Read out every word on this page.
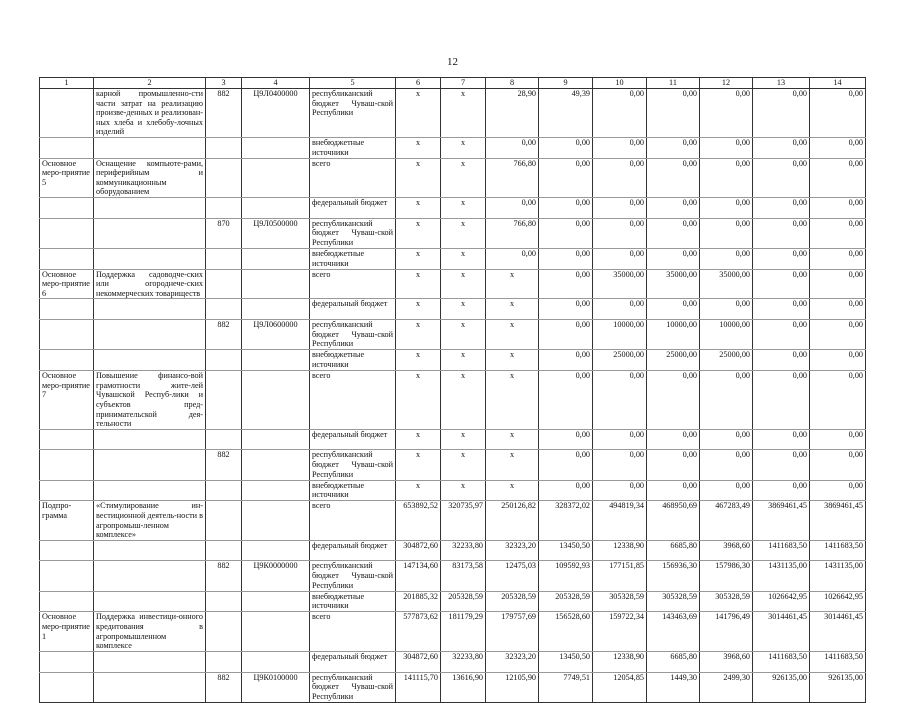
12
1	2	3	4	5	6	7	8	9	10	11	12	13	14
	карной промышленно-сти части затрат на реализацию произве-денных и реализован-ных хлеба и хлебобу-лочных изделий	882	Ц9Л0400000	республиканский бюджет Чуваш-ской Республики	x	x	28,90	49,39	0,00	0,00	0,00	0,00	0,00
				внебюджетные источники	x	x	0,00	0,00	0,00	0,00	0,00	0,00	0,00
Основное меро-приятие 5	Оснащение компьюте-рами, периферийным и коммуникационным оборудованием			всего	x	x	766,80	0,00	0,00	0,00	0,00	0,00	0,00
				федеральный бюджет	x	x	0,00	0,00	0,00	0,00	0,00	0,00	0,00
		870	Ц9Л0500000	республиканский бюджет Чуваш-ской Республики	x	x	766,80	0,00	0,00	0,00	0,00	0,00	0,00
				внебюджетные источники	x	x	0,00	0,00	0,00	0,00	0,00	0,00	0,00
Основное меро-приятие 6	Поддержка садоводче-ских или огороднече-ских некоммерческих товариществ			всего	x	x	x	0,00	35000,00	35000,00	35000,00	0,00	0,00
				федеральный бюджет	x	x	x	0,00	0,00	0,00	0,00	0,00	0,00
		882	Ц9Л0600000	республиканский бюджет Чуваш-ской Республики	x	x	x	0,00	10000,00	10000,00	10000,00	0,00	0,00
				внебюджетные источники	x	x	x	0,00	25000,00	25000,00	25000,00	0,00	0,00
Основное меро-приятие 7	Повышение финансо-вой грамотности жите-лей Чувашской Респуб-лики и субъектов пред-принимательской дея-тельности			всего	x	x	x	0,00	0,00	0,00	0,00	0,00	0,00
				федеральный бюджет	x	x	x	0,00	0,00	0,00	0,00	0,00	0,00
		882		республиканский бюджет Чуваш-ской Республики	x	x	x	0,00	0,00	0,00	0,00	0,00	0,00
				внебюджетные источники	x	x	x	0,00	0,00	0,00	0,00	0,00	0,00
Подпро-грамма	«Стимулирование ин-вестиционной деятель-ности в агропромыш-ленном комплексе»			всего	653892,52	320735,97	250126,82	328372,02	494819,34	468950,69	467283,49	3869461,45	3869461,45
				федеральный бюджет	304872,60	32233,80	32323,20	13450,50	12338,90	6685,80	3968,60	1411683,50	1411683,50
		882	Ц9К0000000	республиканский бюджет Чуваш-ской Республики	147134,60	83173,58	12475,03	109592,93	177151,85	156936,30	157986,30	1431135,00	1431135,00
				внебюджетные источники	201885,32	205328,59	205328,59	205328,59	305328,59	305328,59	305328,59	1026642,95	1026642,95
Основное меро-приятие 1	Поддержка инвестици-онного кредитования в агропромышленном комплексе			всего	577873,62	181179,29	179757,69	156528,60	159722,34	143463,69	141796,49	3014461,45	3014461,45
				федеральный бюджет	304872,60	32233,80	32323,20	13450,50	12338,90	6685,80	3968,60	1411683,50	1411683,50
		882	Ц9К0100000	республиканский бюджет Чуваш-ской Республики	141115,70	13616,90	12105,90	7749,51	12054,85	1449,30	2499,30	926135,00	926135,00
